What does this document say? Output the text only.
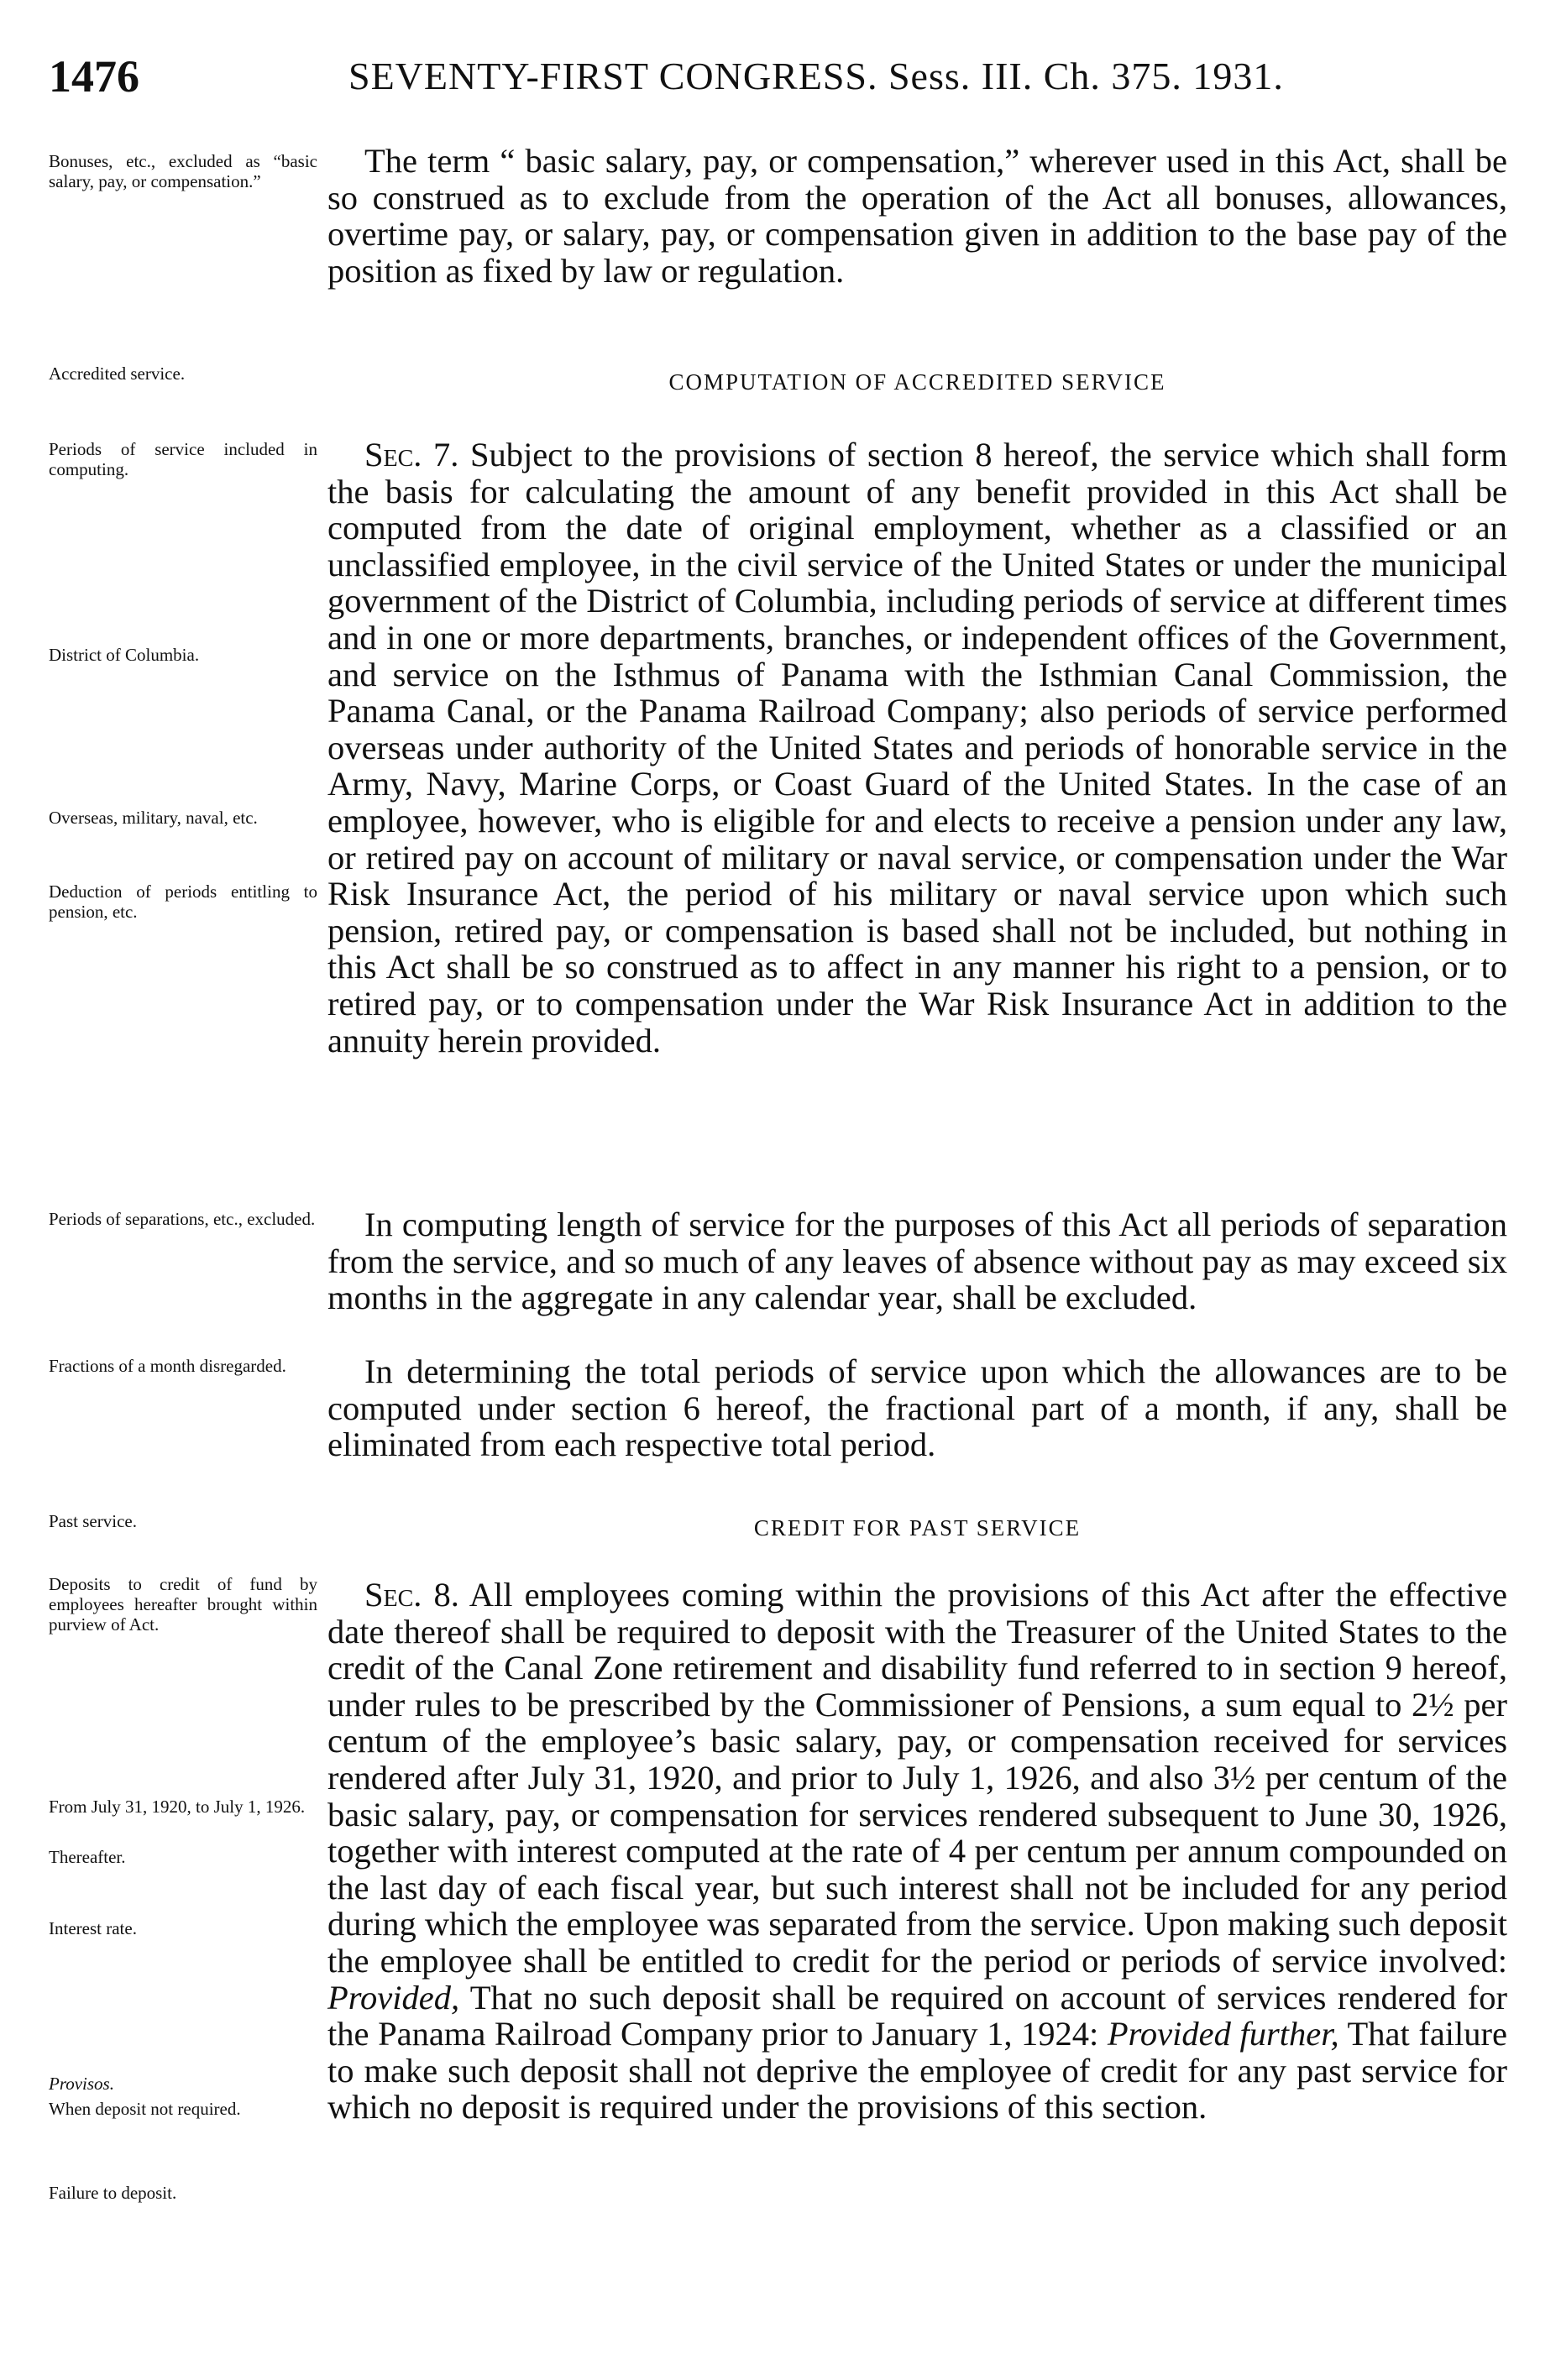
1476	SEVENTY-FIRST CONGRESS. Sess. III. Ch. 375. 1931.
Bonuses, etc., excluded as “basic salary, pay, or compensation.”
Accredited service.
Periods of service included in computing.
District of Columbia.
Overseas, military, naval, etc.
Deduction of periods entitling to pension, etc.
Periods of separations, etc., excluded.
Fractions of a month disregarded.
Past service.
Deposits to credit of fund by employees hereafter brought within purview of Act.
From July 31, 1920, to July 1, 1926.
Thereafter.
Interest rate.
Provisos.
When deposit not required.
Failure to deposit.

The term “ basic salary, pay, or compensation,” wherever used in this Act, shall be so construed as to exclude from the operation of the Act all bonuses, allowances, overtime pay, or salary, pay, or compensation given in addition to the base pay of the position as fixed by law or regulation.

COMPUTATION OF ACCREDITED SERVICE

Sec. 7. Subject to the provisions of section 8 hereof, the service which shall form the basis for calculating the amount of any benefit provided in this Act shall be computed from the date of original employment, whether as a classified or an unclassified employee, in the civil service of the United States or under the municipal government of the District of Columbia, including periods of service at different times and in one or more departments, branches, or independent offices of the Government, and service on the Isthmus of Panama with the Isthmian Canal Commission, the Panama Canal, or the Panama Railroad Company; also periods of service performed overseas under authority of the United States and periods of honorable service in the Army, Navy, Marine Corps, or Coast Guard of the United States. In the case of an employee, however, who is eligible for and elects to receive a pension under any law, or retired pay on account of military or naval service, or compensation under the War Risk Insurance Act, the period of his military or naval service upon which such pension, retired pay, or compensation is based shall not be included, but nothing in this Act shall be so construed as to affect in any manner his right to a pension, or to retired pay, or to compensation under the War Risk Insurance Act in addition to the annuity herein provided.

In computing length of service for the purposes of this Act all periods of separation from the service, and so much of any leaves of absence without pay as may exceed six months in the aggregate in any calendar year, shall be excluded.

In determining the total periods of service upon which the allowances are to be computed under section 6 hereof, the fractional part of a month, if any, shall be eliminated from each respective total period.

CREDIT FOR PAST SERVICE

Sec. 8. All employees coming within the provisions of this Act after the effective date thereof shall be required to deposit with the Treasurer of the United States to the credit of the Canal Zone retirement and disability fund referred to in section 9 hereof, under rules to be prescribed by the Commissioner of Pensions, a sum equal to 2½ per centum of the employee’s basic salary, pay, or compensation received for services rendered after July 31, 1920, and prior to July 1, 1926, and also 3½ per centum of the basic salary, pay, or compensation for services rendered subsequent to June 30, 1926, together with interest computed at the rate of 4 per centum per annum compounded on the last day of each fiscal year, but such interest shall not be included for any period during which the employee was separated from the service. Upon making such deposit the employee shall be entitled to credit for the period or periods of service involved: Provided, That no such deposit shall be required on account of services rendered for the Panama Railroad Company prior to January 1, 1924: Provided further, That failure to make such deposit shall not deprive the employee of credit for any past service for which no deposit is required under the provisions of this section.
